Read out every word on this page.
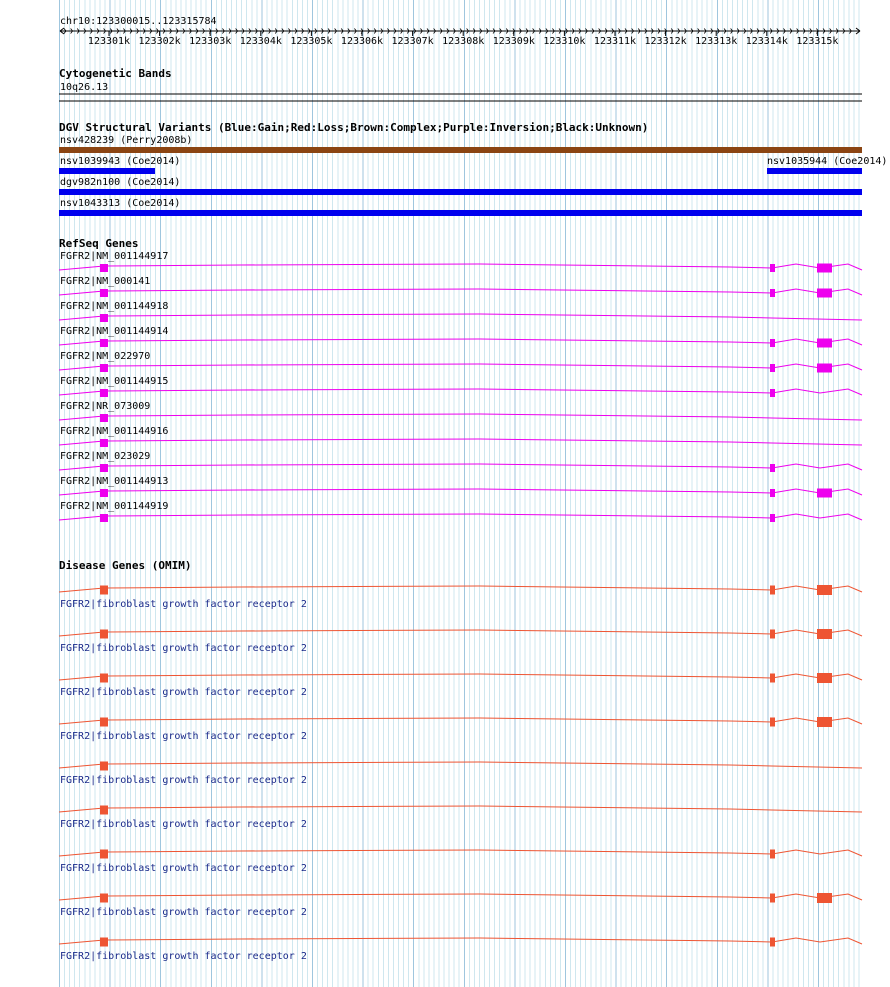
chr10:123300015..123315784
123301k 123302k 123303k 123304k 123305k 123306k 123307k 123308k 123309k 123310k 123311k 123312k 123313k 123314k 123315k
Cytogenetic Bands
10q26.13
DGV Structural Variants (Blue:Gain;Red:Loss;Brown:Complex;Purple:Inversion;Black:Unknown)
nsv428239 (Perry2008b)
nsv1039943 (Coe2014)	nsv1035944 (Coe2014)
dgv982n100 (Coe2014)
nsv1043313 (Coe2014)
RefSeq Genes
FGFR2|NM_001144917
FGFR2|NM_000141
FGFR2|NM_001144918
FGFR2|NM_001144914
FGFR2|NM_022970
FGFR2|NM_001144915
FGFR2|NR_073009
FGFR2|NM_001144916
FGFR2|NM_023029
FGFR2|NM_001144913
FGFR2|NM_001144919
Disease Genes (OMIM)
FGFR2|fibroblast growth factor receptor 2
FGFR2|fibroblast growth factor receptor 2
FGFR2|fibroblast growth factor receptor 2
FGFR2|fibroblast growth factor receptor 2
FGFR2|fibroblast growth factor receptor 2
FGFR2|fibroblast growth factor receptor 2
FGFR2|fibroblast growth factor receptor 2
FGFR2|fibroblast growth factor receptor 2
FGFR2|fibroblast growth factor receptor 2
